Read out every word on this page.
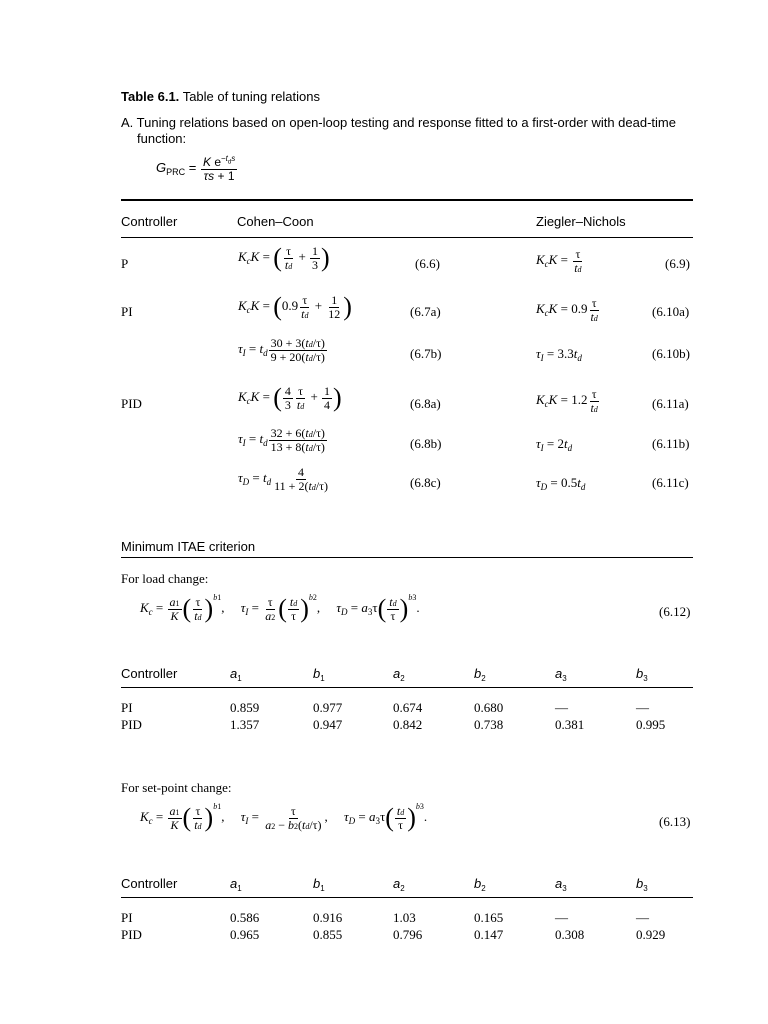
Table 6.1. Table of tuning relations
A. Tuning relations based on open-loop testing and response fitted to a first-order with dead-time
function:
$G_{PRC} = \frac{K e^{-t_ds}}{\tau s + 1}$
Controller	Cohen–Coon	Ziegler–Nichols
P	$K_cK$ = ( $\frac{\tau}{td} + \frac{1}{3}$ )	(6.6)	$K_cK = \frac{\tau}{td}$	(6.9)
PI	$K_cK = (0.9 \frac{\tau}{td} + \frac{1}{12}$ )	(6.7a)	$K_cK = 0.9 \frac{\tau}{td}$	(6.10a)
$\tau_I = t_d \frac{30 + 3(td/\tau)}{9 + 20(td/\tau)}$	(6.7b)	$\tau_I = 3.3t_d$	(6.10b)
PID	$K_cK$ = ( $\frac{4}{3} \frac{\tau}{td} + \frac{1}{4}$ )	(6.8a)	$K_cK = 1.2 \frac{\tau}{td}$	(6.11a)
$\tau_I = t_d \frac{32 + 6(td/\tau)}{13 + 8(td/\tau)}$	(6.8b)	$\tau_I = 2t_d$	(6.11b)
$\tau_D = t_d \frac{4}{11 + 2(td/\tau)}$	(6.8c)	$\tau_D = 0.5t_d$	(6.11c)
Minimum ITAE criterion
For load change:
$K_c = \frac{a1}{K}$ ( $\frac{\tau}{td} )^{b1}$,     $\tau_I = \frac{\tau}{a2}$ ( $\frac{td}{\tau} )^{b2}$,     $\tau_D = a_3\tau( \frac{td}{\tau} )^{b3}$.	(6.12)
Controller	$a_1$	$b_1$	$a_2$	$b_2$	$a_3$	$b_3$
PI	0.859	0.977	0.674	0.680	—	—
PID	1.357	0.947	0.842	0.738	0.381	0.995
For set-point change:
$K_c = \frac{a1}{K}$ ( $\frac{\tau}{td} )^{b1}$,     $\tau_I = \frac{\tau}{a2 - b2(td/\tau)}$ ,     $\tau_D = a_3\tau( \frac{td}{\tau} )^{b3}$.	(6.13)
Controller	$a_1$	$b_1$	$a_2$	$b_2$	$a_3$	$b_3$
PI	0.586	0.916	1.03	0.165	—	—
PID	0.965	0.855	0.796	0.147	0.308	0.929
